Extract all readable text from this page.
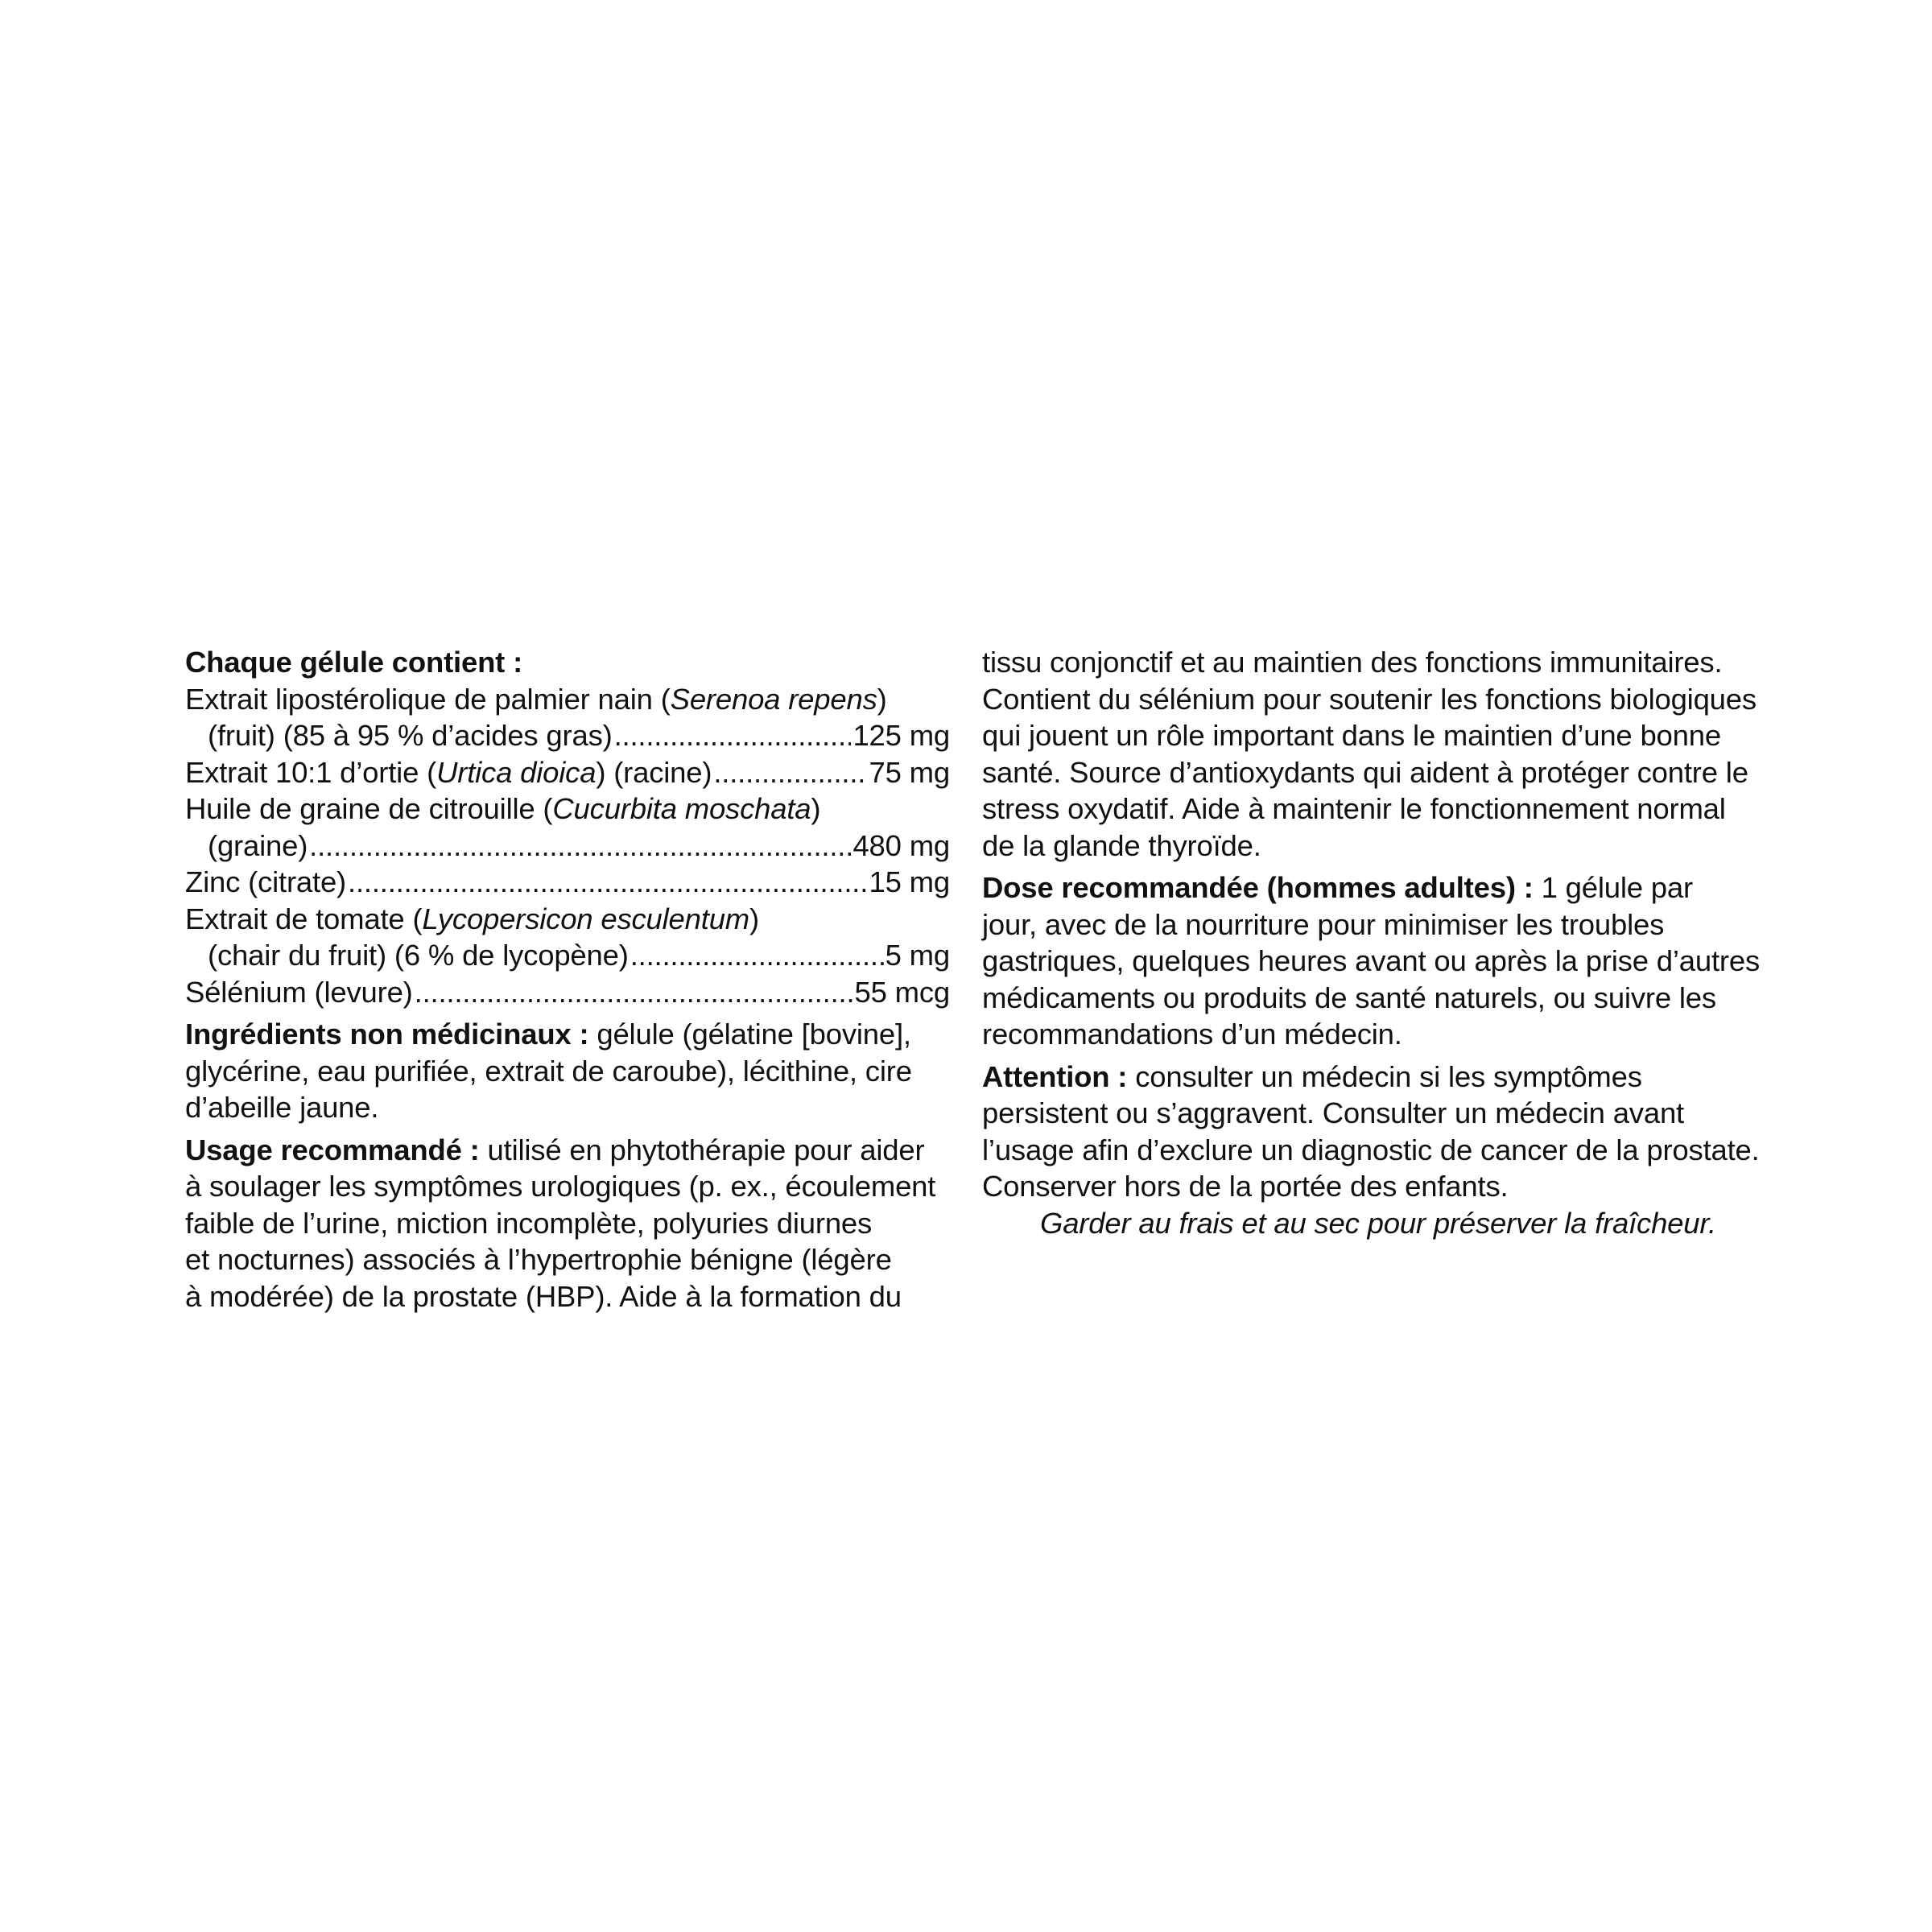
Chaque gélule contient :
Extrait lipostérolique de palmier nain (Serenoa repens)
(fruit) (85 à 95 % d’acides gras) .....	125 mg
Extrait 10:1 d’ortie (Urtica dioica) (racine) .....	75 mg
Huile de graine de citrouille (Cucurbita moschata)
(graine) .....	480 mg
Zinc (citrate) .....	15 mg
Extrait de tomate (Lycopersicon esculentum)
(chair du fruit) (6 % de lycopène) .....	5 mg
Sélénium (levure) .....	55 mcg
Ingrédients non médicinaux : gélule (gélatine [bovine],
glycérine, eau purifiée, extrait de caroube), lécithine, cire
d’abeille jaune.
Usage recommandé : utilisé en phytothérapie pour aider
à soulager les symptômes urologiques (p. ex., écoulement
faible de l’urine, miction incomplète, polyuries diurnes
et nocturnes) associés à l’hypertrophie bénigne (légère
à modérée) de la prostate (HBP). Aide à la formation du
tissu conjonctif et au maintien des fonctions immunitaires.
Contient du sélénium pour soutenir les fonctions biologiques
qui jouent un rôle important dans le maintien d’une bonne
santé. Source d’antioxydants qui aident à protéger contre le
stress oxydatif. Aide à maintenir le fonctionnement normal
de la glande thyroïde.
Dose recommandée (hommes adultes) : 1 gélule par
jour, avec de la nourriture pour minimiser les troubles
gastriques, quelques heures avant ou après la prise d’autres
médicaments ou produits de santé naturels, ou suivre les
recommandations d’un médecin.
Attention : consulter un médecin si les symptômes
persistent ou s’aggravent. Consulter un médecin avant
l’usage afin d’exclure un diagnostic de cancer de la prostate.
Conserver hors de la portée des enfants.
Garder au frais et au sec pour préserver la fraîcheur.
